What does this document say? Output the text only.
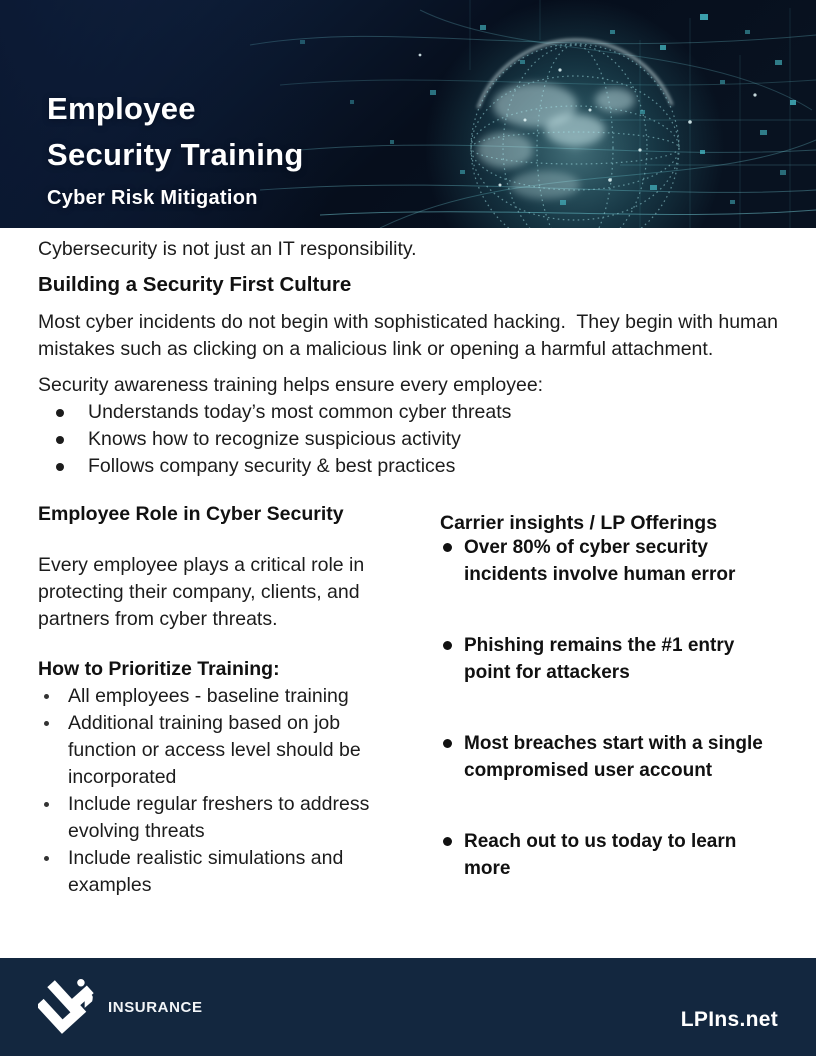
Employee
Security Training
Cyber Risk Mitigation

Cybersecurity is not just an IT responsibility.

Building a Security First Culture

Most cyber incidents do not begin with sophisticated hacking.  They begin with human mistakes such as clicking on a malicious link or opening a harmful attachment.

Security awareness training helps ensure every employee:

Understands today’s most common cyber threats
Knows how to recognize suspicious activity
Follows company security & best practices
Employee Role in Cyber Security

Every employee plays a critical role in protecting their company, clients, and partners from cyber threats.

How to Prioritize Training:
All employees - baseline training
Additional training based on job function or access level should be incorporated
Include regular freshers to address evolving threats
Include realistic simulations and examples
Carrier insights / LP Offerings
Over 80% of cyber security incidents involve human error
Phishing remains the #1 entry point for attackers
Most breaches start with a single compromised user account
Reach out to us today to learn more
INSURANCE
LPIns.net
